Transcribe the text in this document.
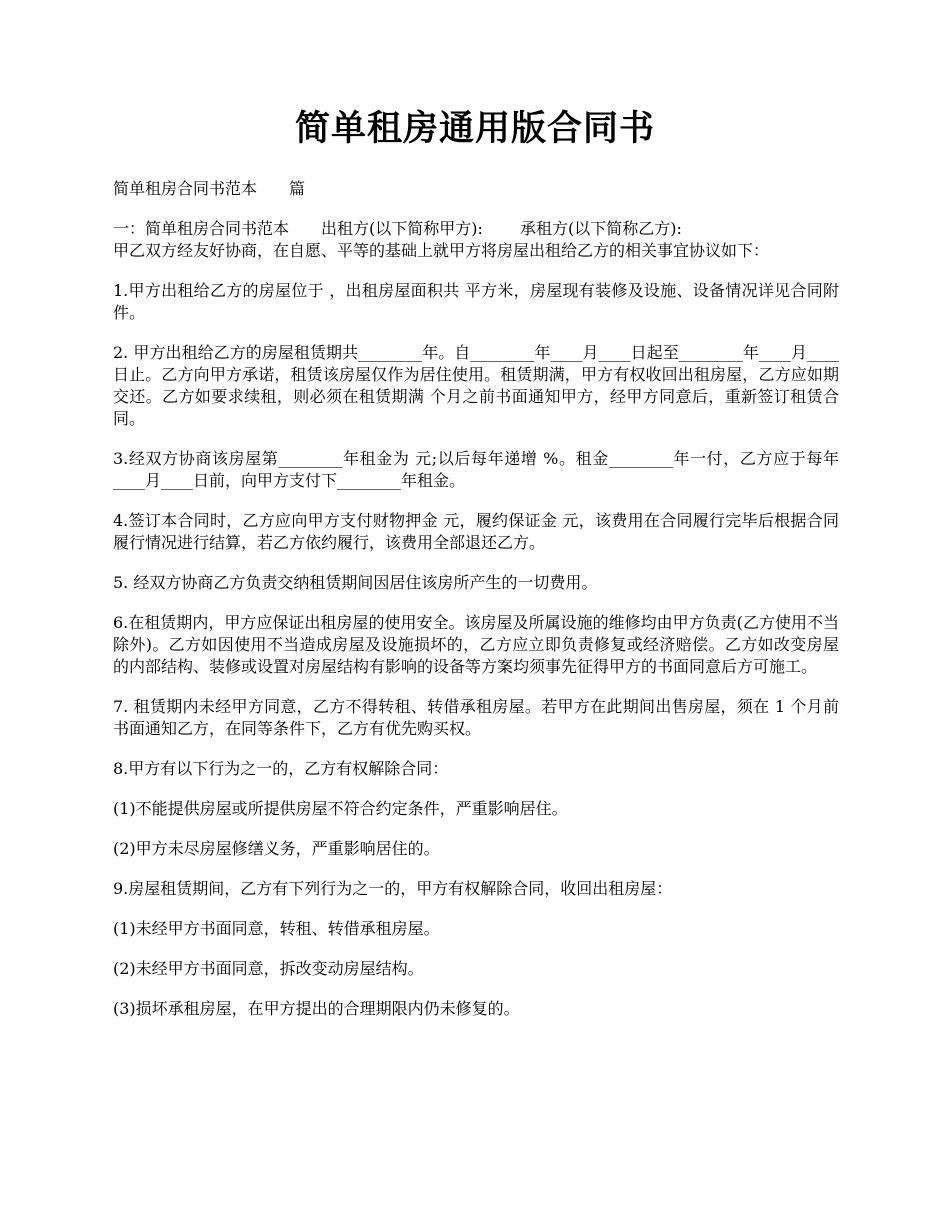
简单租房通用版合同书

简单租房合同书范本　　篇

一：简单租房合同书范本　　出租方(以下简称甲方):　　 承租方(以下简称乙方):

甲乙双方经友好协商，在自愿、平等的基础上就甲方将房屋出租给乙方的相关事宜协议如下：

1.甲方出租给乙方的房屋位于 ，出租房屋面积共 平方米，房屋现有装修及设施、设备情况详见合同附件。

2. 甲方出租给乙方的房屋租赁期共________年。自________年____月____日起至________年____月____日止。乙方向甲方承诺，租赁该房屋仅作为居住使用。租赁期满，甲方有权收回出租房屋，乙方应如期交还。乙方如要求续租，则必须在租赁期满 个月之前书面通知甲方，经甲方同意后，重新签订租赁合同。

3.经双方协商该房屋第________年租金为 元;以后每年递增 %。租金________年一付，乙方应于每年____月____日前，向甲方支付下________年租金。

4.签订本合同时，乙方应向甲方支付财物押金 元，履约保证金 元，该费用在合同履行完毕后根据合同履行情况进行结算，若乙方依约履行，该费用全部退还乙方。

5. 经双方协商乙方负责交纳租赁期间因居住该房所产生的一切费用。

6.在租赁期内，甲方应保证出租房屋的使用安全。该房屋及所属设施的维修均由甲方负责(乙方使用不当除外)。乙方如因使用不当造成房屋及设施损坏的，乙方应立即负责修复或经济赔偿。乙方如改变房屋的内部结构、装修或设置对房屋结构有影响的设备等方案均须事先征得甲方的书面同意后方可施工。

7. 租赁期内未经甲方同意，乙方不得转租、转借承租房屋。若甲方在此期间出售房屋，须在 1 个月前书面通知乙方，在同等条件下，乙方有优先购买权。

8.甲方有以下行为之一的，乙方有权解除合同：

(1)不能提供房屋或所提供房屋不符合约定条件，严重影响居住。

(2)甲方未尽房屋修缮义务，严重影响居住的。

9.房屋租赁期间，乙方有下列行为之一的，甲方有权解除合同，收回出租房屋：

(1)未经甲方书面同意，转租、转借承租房屋。

(2)未经甲方书面同意，拆改变动房屋结构。

(3)损坏承租房屋，在甲方提出的合理期限内仍未修复的。
